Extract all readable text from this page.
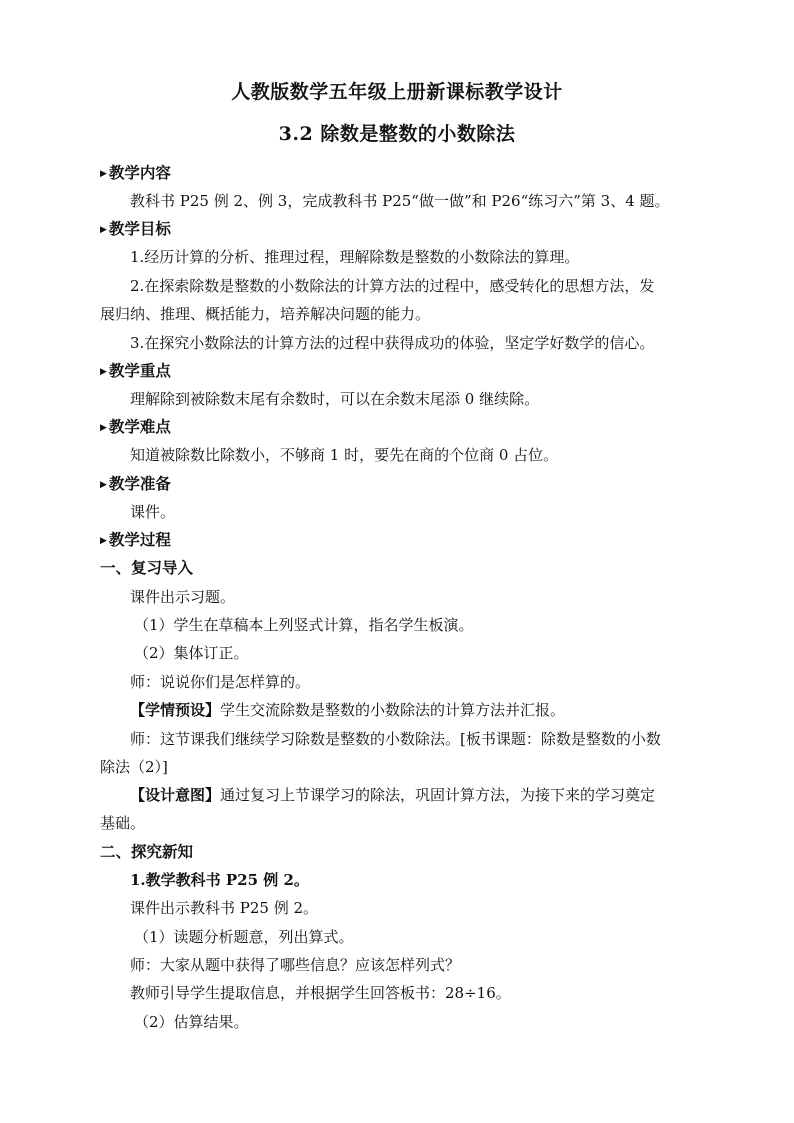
人教版数学五年级上册新课标教学设计
3.2 除数是整数的小数除法
▶ 教学内容
教科书 P25 例 2、例 3，完成教科书 P25“做一做”和 P26“练习六”第 3、4 题。
▶ 教学目标
1.经历计算的分析、推理过程，理解除数是整数的小数除法的算理。
2.在探索除数是整数的小数除法的计算方法的过程中，感受转化的思想方法，发
展归纳、推理、概括能力，培养解决问题的能力。
3.在探究小数除法的计算方法的过程中获得成功的体验，坚定学好数学的信心。
▶ 教学重点
理解除到被除数末尾有余数时，可以在余数末尾添 0 继续除。
▶ 教学难点
知道被除数比除数小，不够商 1 时，要先在商的个位商 0 占位。
▶ 教学准备
课件。
▶ 教学过程
一、复习导入
课件出示习题。
（1）学生在草稿本上列竖式计算，指名学生板演。
（2）集体订正。
师：说说你们是怎样算的。
【学情预设】学生交流除数是整数的小数除法的计算方法并汇报。
师：这节课我们继续学习除数是整数的小数除法。[板书课题：除数是整数的小数
除法（2）]
【设计意图】通过复习上节课学习的除法，巩固计算方法，为接下来的学习奠定
基础。
二、探究新知
1.教学教科书 P25 例 2。
课件出示教科书 P25 例 2。
（1）读题分析题意，列出算式。
师：大家从题中获得了哪些信息？应该怎样列式？
教师引导学生提取信息，并根据学生回答板书：28÷16。
（2）估算结果。
